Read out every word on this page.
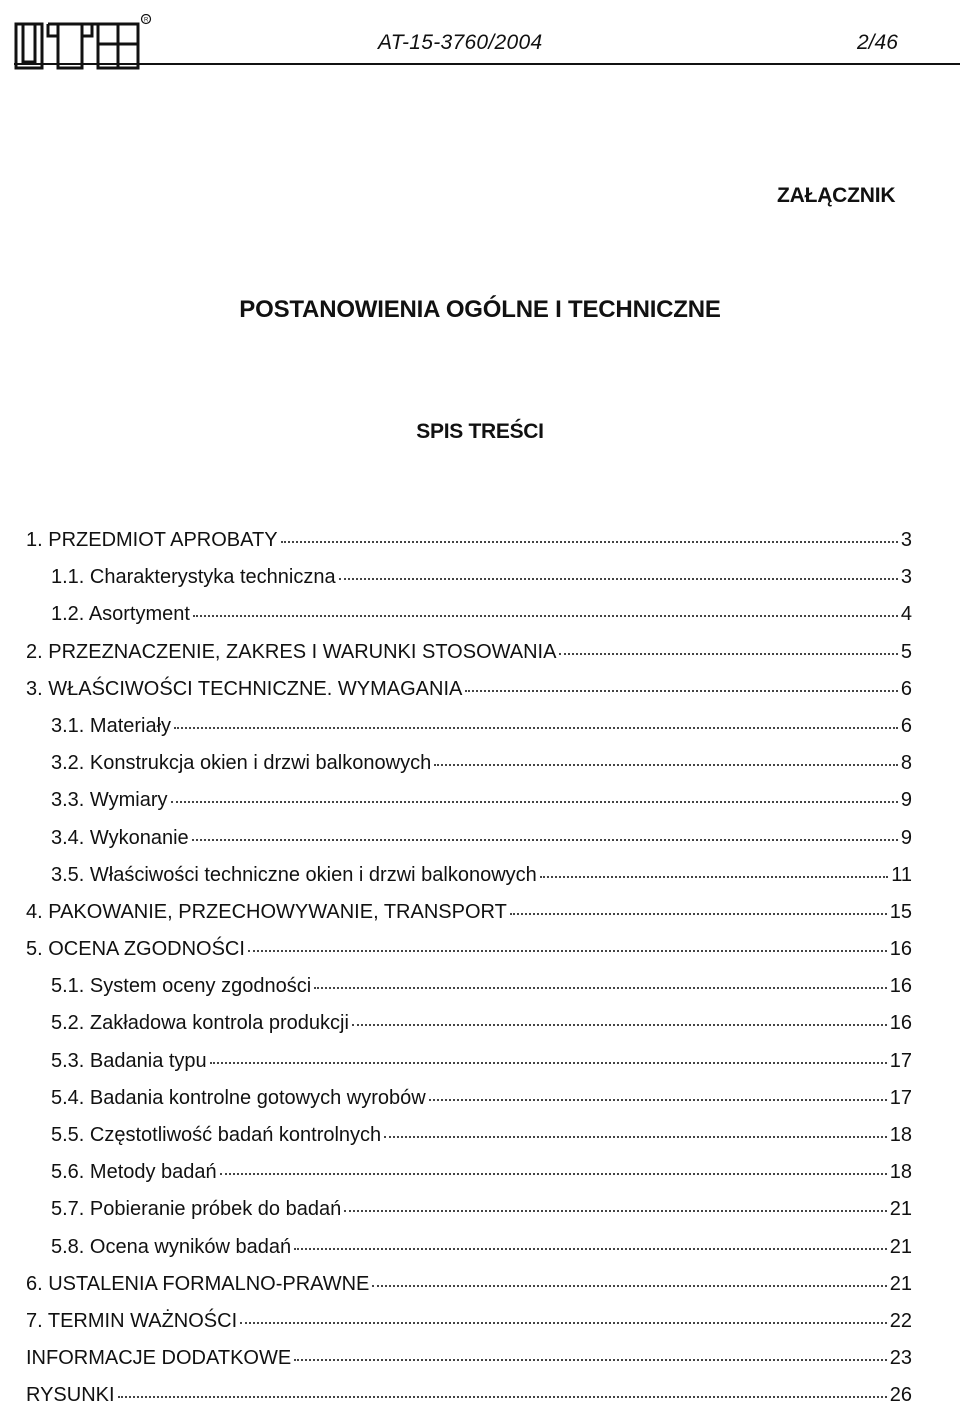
R
AT-15-3760/2004	2/46
ZAŁĄCZNIK
POSTANOWIENIA OGÓLNE I TECHNICZNE
SPIS TREŚCI
1. PRZEDMIOT APROBATY	3
1.1. Charakterystyka techniczna	3
1.2. Asortyment	4
2. PRZEZNACZENIE, ZAKRES I WARUNKI STOSOWANIA	5
3. WŁAŚCIWOŚCI TECHNICZNE. WYMAGANIA	6
3.1. Materiały	6
3.2. Konstrukcja okien i drzwi balkonowych	8
3.3. Wymiary	9
3.4. Wykonanie	9
3.5. Właściwości techniczne okien i drzwi balkonowych	11
4. PAKOWANIE, PRZECHOWYWANIE, TRANSPORT	15
5. OCENA ZGODNOŚCI	16
5.1. System oceny zgodności	16
5.2. Zakładowa kontrola produkcji	16
5.3. Badania typu	17
5.4. Badania kontrolne gotowych wyrobów	17
5.5. Częstotliwość badań kontrolnych	18
5.6. Metody badań	18
5.7. Pobieranie próbek do badań	21
5.8. Ocena wyników badań	21
6. USTALENIA FORMALNO-PRAWNE	21
7. TERMIN WAŻNOŚCI	22
INFORMACJE DODATKOWE	23
RYSUNKI	26
